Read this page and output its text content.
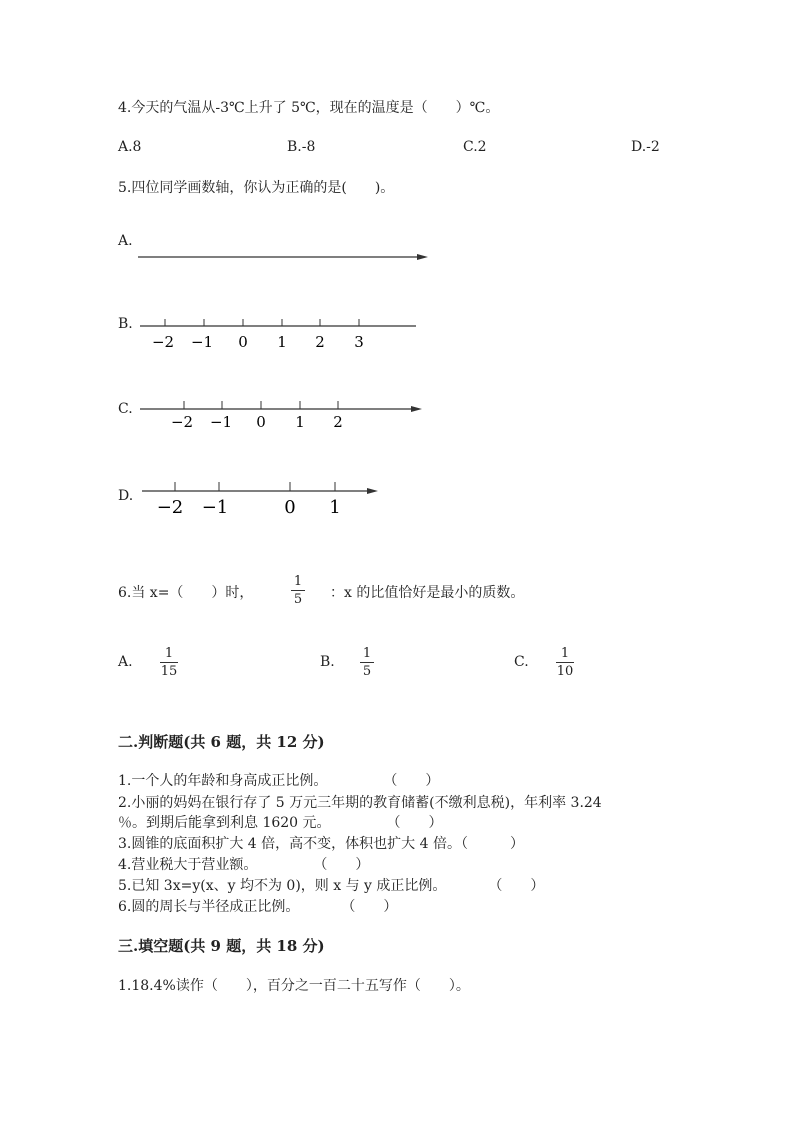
4.今天的气温从-3℃上升了 5℃，现在的温度是（　　）℃。
A.8	B.-8	C.2	D.-2
5.四位同学画数轴，你认为正确的是(　　)。
A.
B.
−2 −1 0 1 2 3
C.
−2 −1 0 1 2
D.
−2 −1	0 1
6.当 x=（　　）时，
1
5 ：x 的比值恰好是最小的质数。
A.
1
15
B.
1
5
C.
1
10
二.判断题(共 6 题，共 12 分)
1.一个人的年龄和身高成正比例。　　　　　（　　）
2.小丽的妈妈在银行存了 5 万元三年期的教育储蓄(不缴利息税)，年利率 3.24
％。到期后能拿到利息 1620 元。　　　　　（　　）
3.圆锥的底面积扩大 4 倍，高不变，体积也扩大 4 倍。（　　　）
4.营业税大于营业额。　　　　　（　　）
5.已知 3x=y(x、y 均不为 0)，则 x 与 y 成正比例。　　　　（　　）
6.圆的周长与半径成正比例。　　　　（　　）
三.填空题(共 9 题，共 18 分)
1.18.4%读作（　　），百分之一百二十五写作（　　）。
